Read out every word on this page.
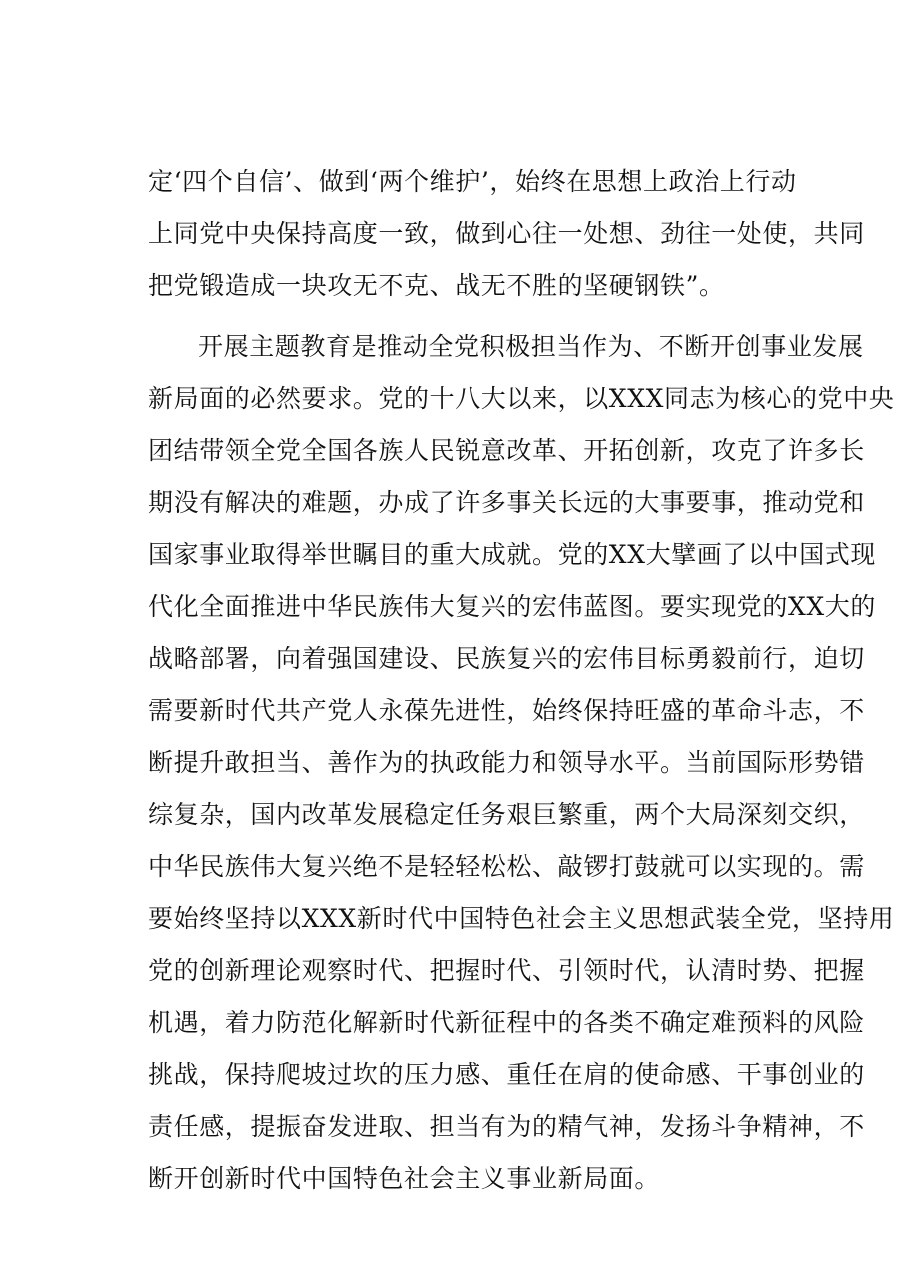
定‘四个自信’、做到‘两个维护’，始终在思想上政治上行动
上同党中央保持高度一致，做到心往一处想、劲往一处使，共同
把党锻造成一块攻无不克、战无不胜的坚硬钢铁”。
开展主题教育是推动全党积极担当作为、不断开创事业发展
新局面的必然要求。党的十八大以来，以XXX同志为核心的党中央
团结带领全党全国各族人民锐意改革、开拓创新，攻克了许多长
期没有解决的难题，办成了许多事关长远的大事要事，推动党和
国家事业取得举世瞩目的重大成就。党的XX大擘画了以中国式现
代化全面推进中华民族伟大复兴的宏伟蓝图。要实现党的XX大的
战略部署，向着强国建设、民族复兴的宏伟目标勇毅前行，迫切
需要新时代共产党人永葆先进性，始终保持旺盛的革命斗志，不
断提升敢担当、善作为的执政能力和领导水平。当前国际形势错
综复杂，国内改革发展稳定任务艰巨繁重，两个大局深刻交织，
中华民族伟大复兴绝不是轻轻松松、敲锣打鼓就可以实现的。需
要始终坚持以XXX新时代中国特色社会主义思想武装全党，坚持用
党的创新理论观察时代、把握时代、引领时代，认清时势、把握
机遇，着力防范化解新时代新征程中的各类不确定难预料的风险
挑战，保持爬坡过坎的压力感、重任在肩的使命感、干事创业的
责任感，提振奋发进取、担当有为的精气神，发扬斗争精神，不
断开创新时代中国特色社会主义事业新局面。
